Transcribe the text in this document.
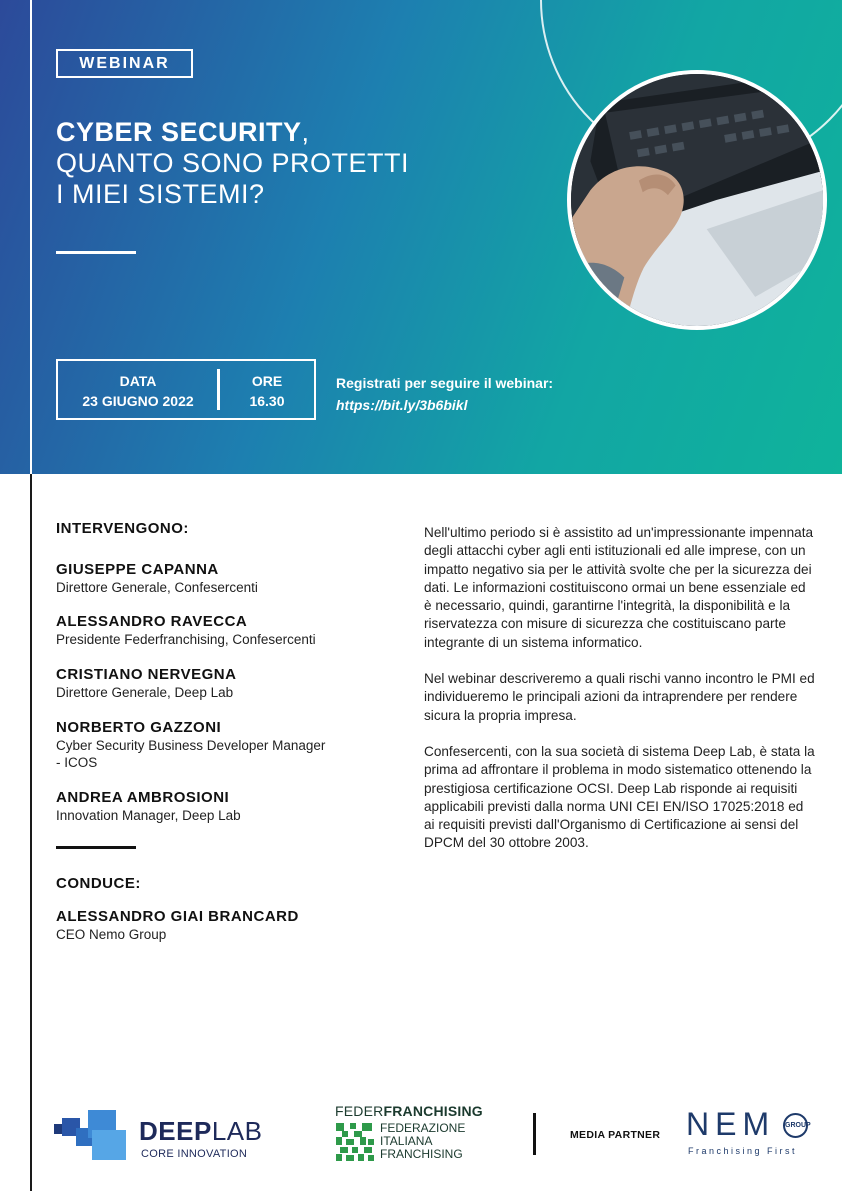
WEBINAR
CYBER SECURITY,
QUANTO SONO PROTETTI
I MIEI SISTEMI?
DATA
23 GIUGNO 2022
ORE
16.30
Registrati per seguire il webinar:
https://bit.ly/3b6bikl
INTERVENGONO:
GIUSEPPE CAPANNA
Direttore Generale, Confesercenti
ALESSANDRO RAVECCA
Presidente Federfranchising, Confesercenti
CRISTIANO NERVEGNA
Direttore Generale, Deep Lab
NORBERTO GAZZONI
Cyber Security Business Developer Manager - ICOS
ANDREA AMBROSIONI
Innovation Manager, Deep Lab
CONDUCE:
ALESSANDRO GIAI BRANCARD
CEO Nemo Group

Nell'ultimo periodo si è assistito ad un'impressionante impennata degli attacchi cyber agli enti istituzionali ed alle imprese, con un impatto negativo sia per le attività svolte che per la sicurezza dei dati. Le informazioni costituiscono ormai un bene essenziale ed è necessario, quindi, garantirne l'integrità, la disponibilità e la riservatezza con misure di sicurezza che costituiscano parte integrante di un sistema informatico.

Nel webinar descriveremo a quali rischi vanno incontro le PMI ed individueremo le principali azioni da intraprendere per rendere sicura la propria impresa.

Confesercenti, con la sua società di sistema Deep Lab, è stata la prima ad affrontare il problema in modo sistematico ottenendo la prestigiosa certificazione OCSI. Deep Lab risponde ai requisiti applicabili previsti dalla norma UNI CEI EN/ISO 17025:2018 ed ai requisiti previsti dall'Organismo di Certificazione ai sensi del DPCM del 30 ottobre 2003.

DEEPLAB
CORE INNOVATION
FEDERFRANCHISING
FEDERAZIONE
ITALIANA
FRANCHISING
MEDIA PARTNER NEM GROUP
Franchising First
